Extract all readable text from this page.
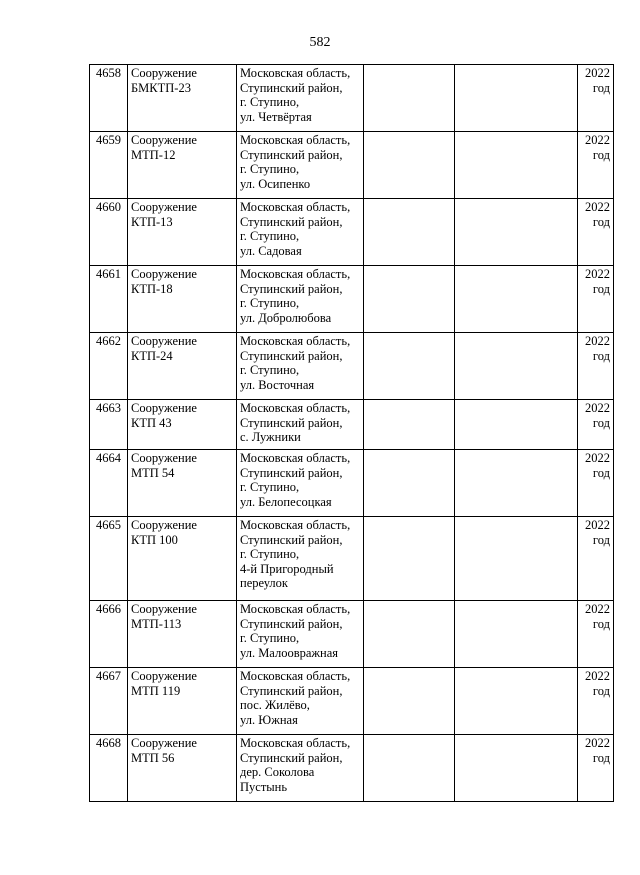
582
4658	Сооружение
БМКТП-23	Московская область,
Ступинский район,
г. Ступино,
ул. Четвёртая			2022
год

4659	Сооружение
МТП-12	Московская область,
Ступинский район,
г. Ступино,
ул. Осипенко			2022
год

4660	Сооружение
КТП-13	Московская область,
Ступинский район,
г. Ступино,
ул. Садовая			2022
год

4661	Сооружение
КТП-18	Московская область,
Ступинский район,
г. Ступино,
ул. Добролюбова			2022
год

4662	Сооружение
КТП-24	Московская область,
Ступинский район,
г. Ступино,
ул. Восточная			2022
год

4663	Сооружение
КТП 43	Московская область,
Ступинский район,
с. Лужники			2022
год

4664	Сооружение
МТП 54	Московская область,
Ступинский район,
г. Ступино,
ул. Белопесоцкая			2022
год

4665	Сооружение
КТП 100	Московская область,
Ступинский район,
г. Ступино,
4-й Пригородный
переулок			2022
год

4666	Сооружение
МТП-113	Московская область,
Ступинский район,
г. Ступино,
ул. Малоовражная			2022
год

4667	Сооружение
МТП 119	Московская область,
Ступинский район,
пос. Жилёво,
ул. Южная			2022
год

4668	Сооружение
МТП 56	Московская область,
Ступинский район,
дер. Соколова
Пустынь			2022
год
